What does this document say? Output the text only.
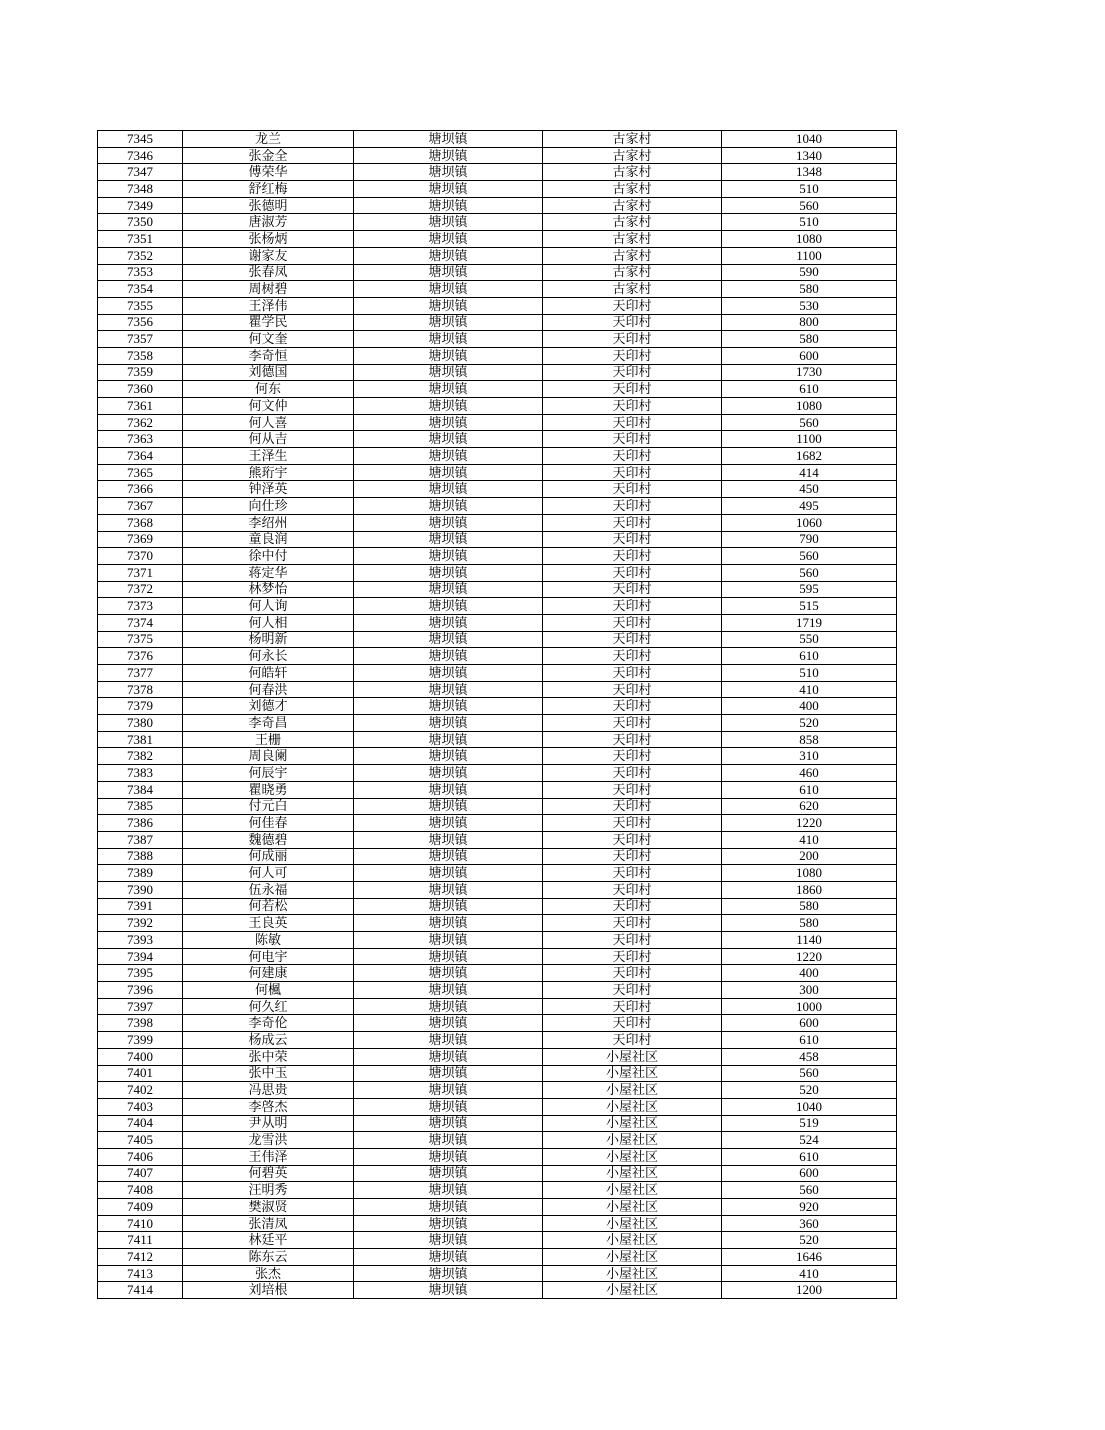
7345	龙兰	塘坝镇	古家村	1040
7346	张金全	塘坝镇	古家村	1340
7347	傅荣华	塘坝镇	古家村	1348
7348	舒红梅	塘坝镇	古家村	510
7349	张德明	塘坝镇	古家村	560
7350	唐淑芳	塘坝镇	古家村	510
7351	张杨炳	塘坝镇	古家村	1080
7352	谢家友	塘坝镇	古家村	1100
7353	张春凤	塘坝镇	古家村	590
7354	周树碧	塘坝镇	古家村	580
7355	王泽伟	塘坝镇	天印村	530
7356	瞿学民	塘坝镇	天印村	800
7357	何文奎	塘坝镇	天印村	580
7358	李奇恒	塘坝镇	天印村	600
7359	刘德国	塘坝镇	天印村	1730
7360	何东	塘坝镇	天印村	610
7361	何文仲	塘坝镇	天印村	1080
7362	何人喜	塘坝镇	天印村	560
7363	何从吉	塘坝镇	天印村	1100
7364	王泽生	塘坝镇	天印村	1682
7365	熊珩宇	塘坝镇	天印村	414
7366	钟泽英	塘坝镇	天印村	450
7367	向仕珍	塘坝镇	天印村	495
7368	李绍州	塘坝镇	天印村	1060
7369	童良润	塘坝镇	天印村	790
7370	徐中付	塘坝镇	天印村	560
7371	蒋定华	塘坝镇	天印村	560
7372	林梦怡	塘坝镇	天印村	595
7373	何人询	塘坝镇	天印村	515
7374	何人相	塘坝镇	天印村	1719
7375	杨明新	塘坝镇	天印村	550
7376	何永长	塘坝镇	天印村	610
7377	何皓轩	塘坝镇	天印村	510
7378	何春洪	塘坝镇	天印村	410
7379	刘德才	塘坝镇	天印村	400
7380	李奇昌	塘坝镇	天印村	520
7381	王栅	塘坝镇	天印村	858
7382	周良阑	塘坝镇	天印村	310
7383	何辰宇	塘坝镇	天印村	460
7384	瞿晓勇	塘坝镇	天印村	610
7385	付元白	塘坝镇	天印村	620
7386	何佳春	塘坝镇	天印村	1220
7387	魏德碧	塘坝镇	天印村	410
7388	何成丽	塘坝镇	天印村	200
7389	何人可	塘坝镇	天印村	1080
7390	伍永福	塘坝镇	天印村	1860
7391	何若松	塘坝镇	天印村	580
7392	王良英	塘坝镇	天印村	580
7393	陈敏	塘坝镇	天印村	1140
7394	何电宇	塘坝镇	天印村	1220
7395	何建康	塘坝镇	天印村	400
7396	何楓	塘坝镇	天印村	300
7397	何久红	塘坝镇	天印村	1000
7398	李奇伦	塘坝镇	天印村	600
7399	杨成云	塘坝镇	天印村	610
7400	张中荣	塘坝镇	小屋社区	458
7401	张中玉	塘坝镇	小屋社区	560
7402	冯思贵	塘坝镇	小屋社区	520
7403	李啓杰	塘坝镇	小屋社区	1040
7404	尹从明	塘坝镇	小屋社区	519
7405	龙雪洪	塘坝镇	小屋社区	524
7406	王伟泽	塘坝镇	小屋社区	610
7407	何碧英	塘坝镇	小屋社区	600
7408	汪明秀	塘坝镇	小屋社区	560
7409	樊淑贤	塘坝镇	小屋社区	920
7410	张清凤	塘坝镇	小屋社区	360
7411	林廷平	塘坝镇	小屋社区	520
7412	陈东云	塘坝镇	小屋社区	1646
7413	张杰	塘坝镇	小屋社区	410
7414	刘培根	塘坝镇	小屋社区	1200
